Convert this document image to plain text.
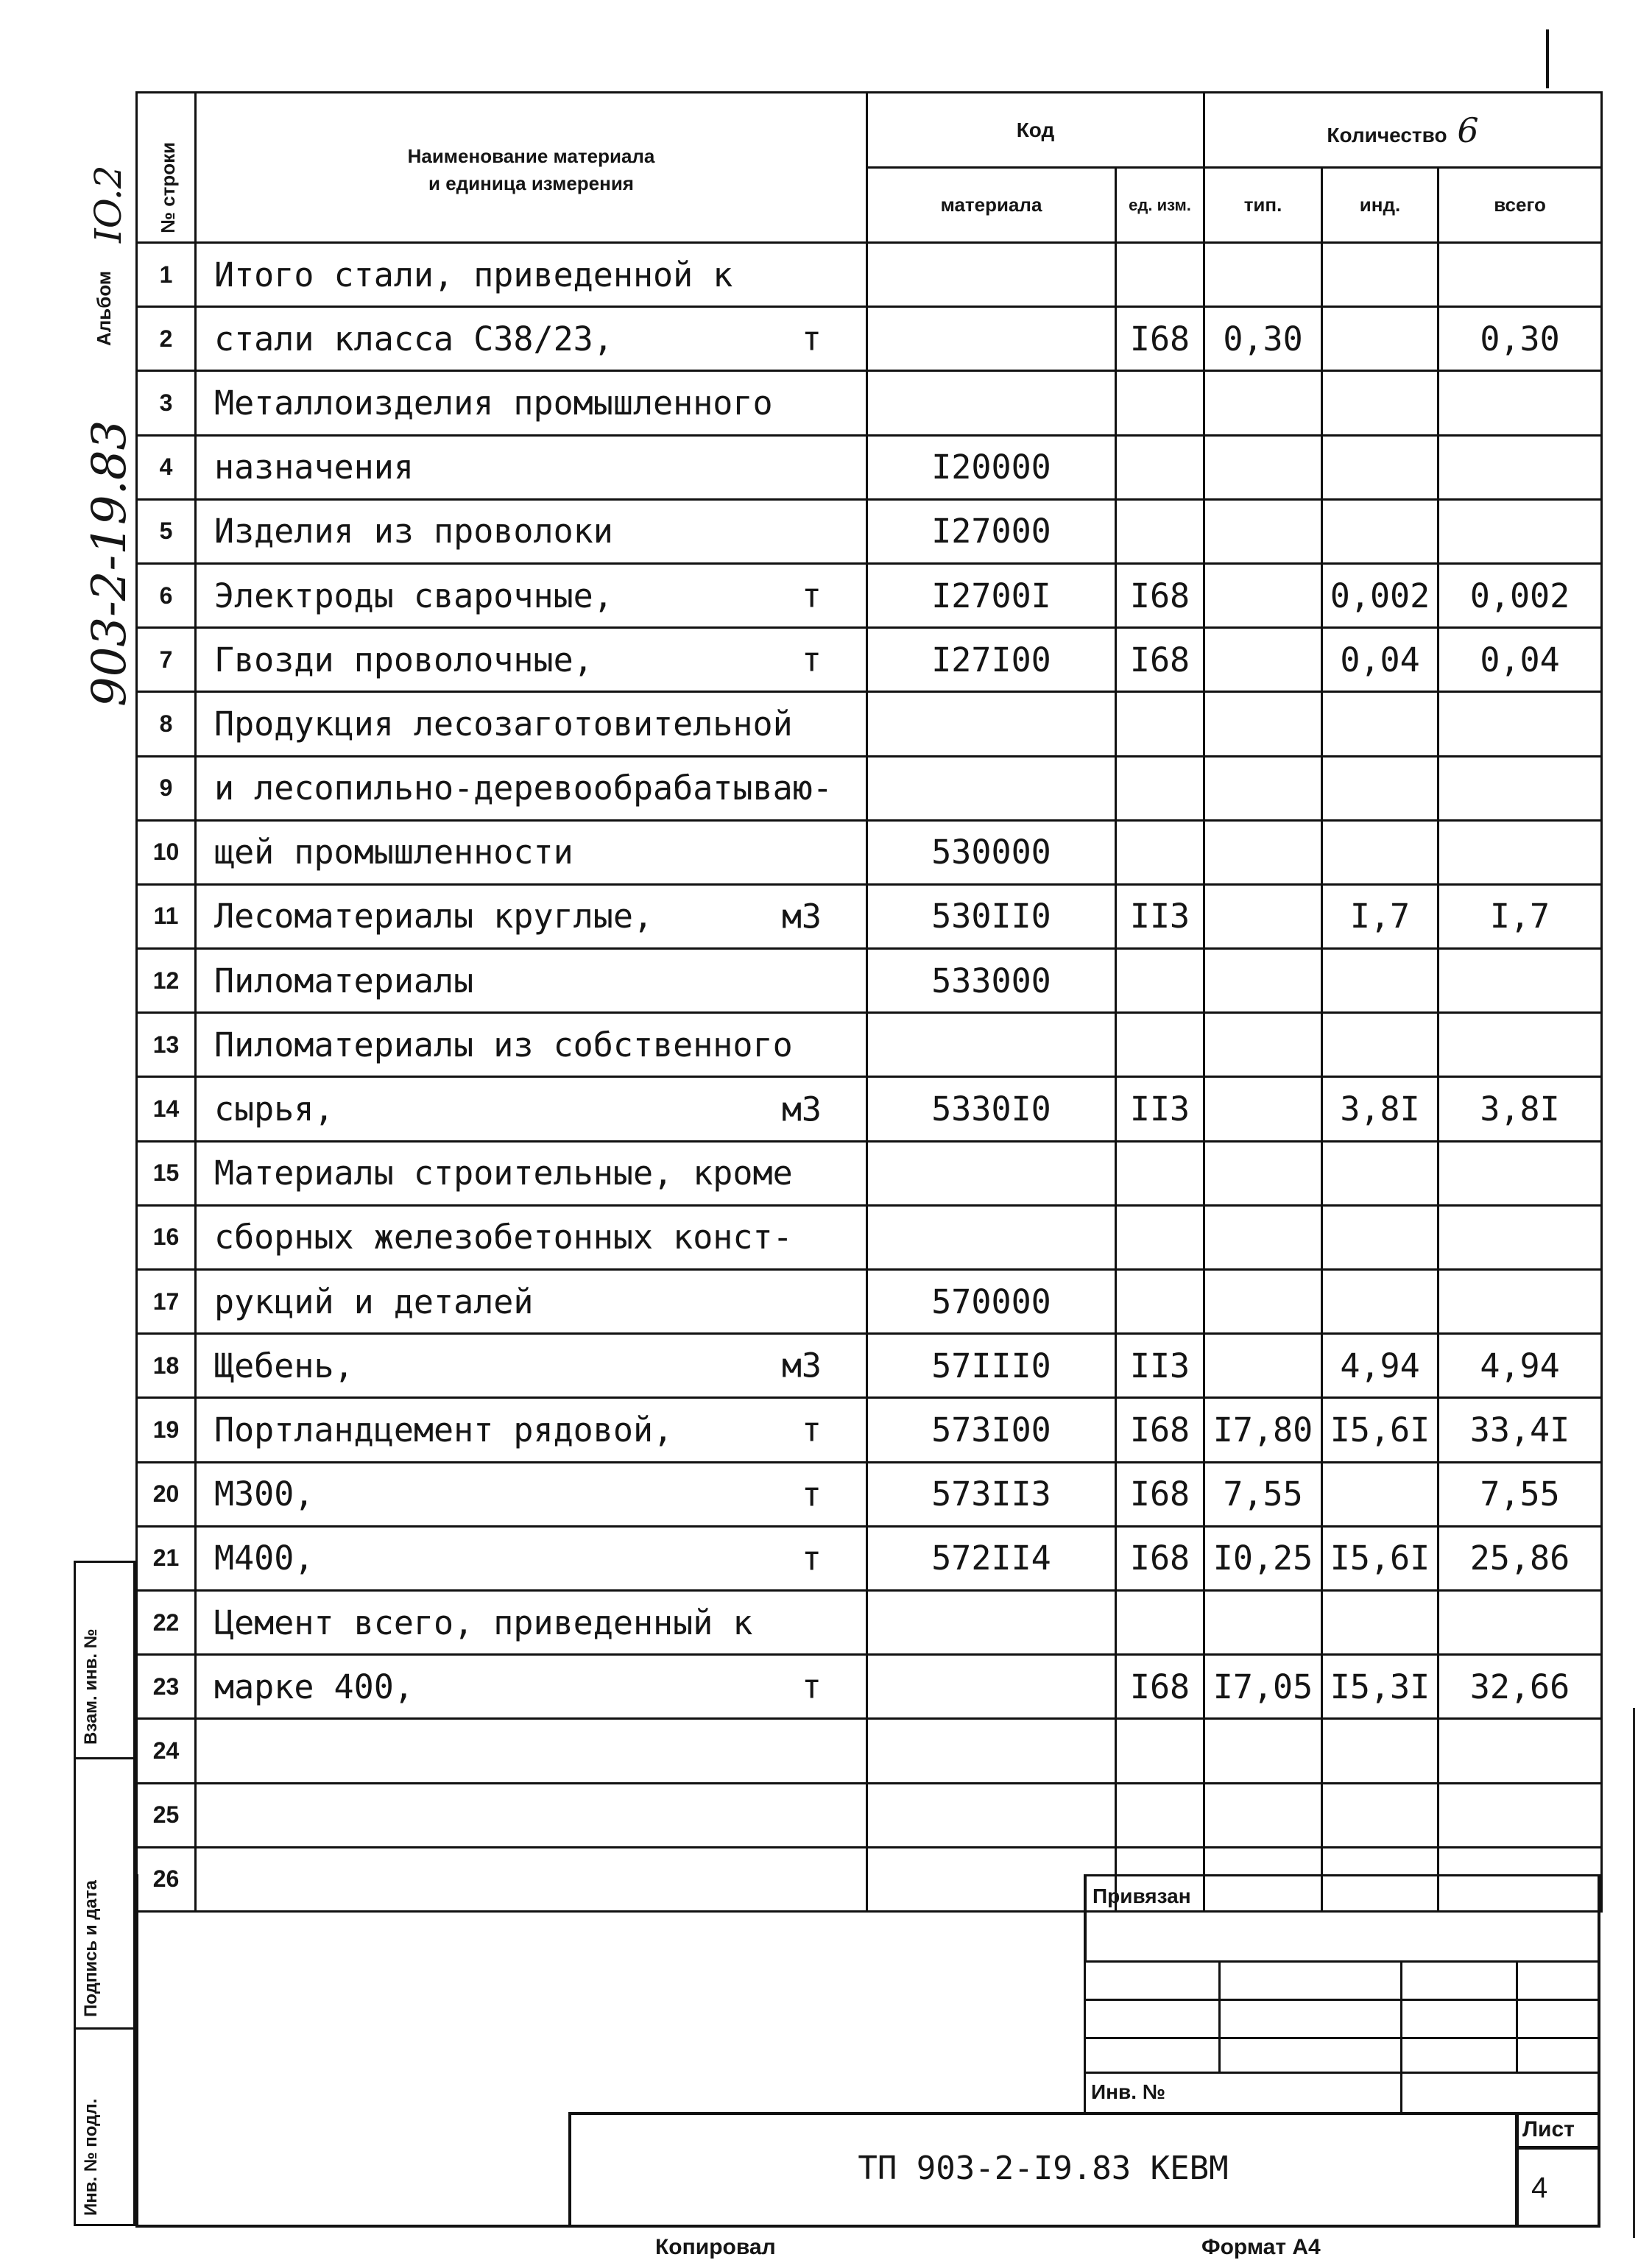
IO.2
Альбом
903-2-19.83
Взам. инв. №
Подпись и дата
Инв. № подл.
№ строки	Наименование материала
и единица измерения	Код		Количество 6		
		материала	ед. изм.	тип.	инд.	всего
1	Итого стали, приведенной к

2	стали класса С38/23, т		I68	0,30		0,30
3	Металлоизделия промышленного

4	назначения	I20000				
5	Изделия из проволоки	I27000				
6	Электроды сварочные, т	I2700I	I68		0,002	0,002
7	Гвозди проволочные, т	I27I00	I68		0,04	0,04
8	Продукция лесозаготовительной

9	и лесопильно-деревообрабатываю-

10	щей промышленности	530000				
11	Лесоматериалы круглые, м3	530II0	II3		I,7	I,7
12	Пиломатериалы	533000				
13	Пиломатериалы из собственного

14	сырья, м3	5330I0	II3		3,8I	3,8I
15	Материалы строительные, кроме

16	сборных железобетонных конст-

17	рукций и деталей	570000				
18	Щебень, м3	57III0	II3		4,94	4,94
19	Портландцемент рядовой, т	573I00	I68	I7,80	I5,6I	33,4I
20	М300, т	573II3	I68	7,55		7,55
21	М400, т	572II4	I68	I0,25	I5,6I	25,86
22	Цемент всего, приведенный к

23	марке 400, т		I68	I7,05	I5,3I	32,66
24	

25	

26	

Привязан
Инв. №
ТП 903-2-I9.83 КЕВМ
Лист
4
Копировал	Формат А4
